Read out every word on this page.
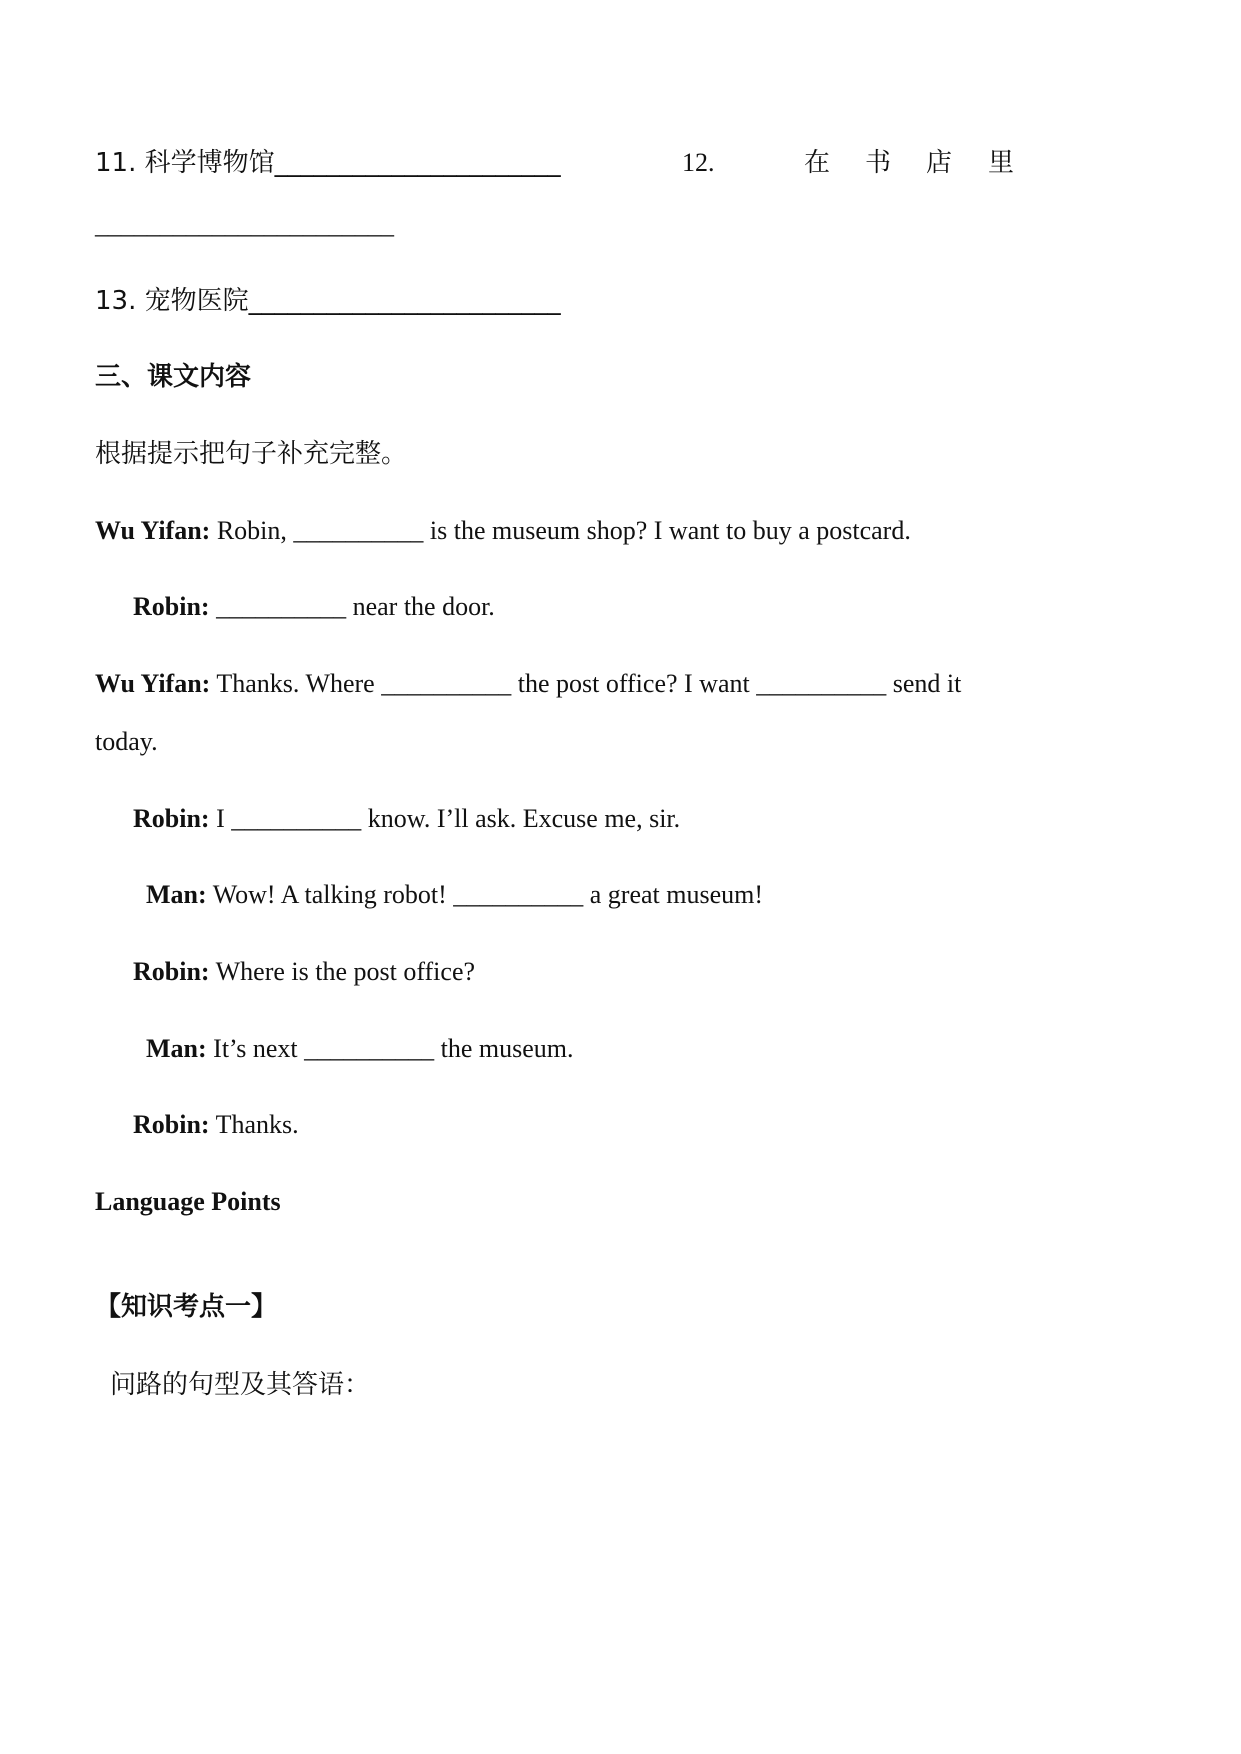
11. 科学博物馆______________________	12.	在 书 店 里
_______________________
13. 宠物医院________________________
三、课文内容
根据提示把句子补充完整。
Wu Yifan: Robin, __________ is the museum shop? I want to buy a postcard.
Robin: __________ near the door.
Wu Yifan: Thanks. Where __________ the post office? I want __________ send it
today.
Robin: I __________ know. I’ll ask. Excuse me, sir.
Man: Wow! A talking robot! __________ a great museum!
Robin: Where is the post office?
Man: It’s next __________ the museum.
Robin: Thanks.
Language Points
【知识考点一】
问路的句型及其答语：
